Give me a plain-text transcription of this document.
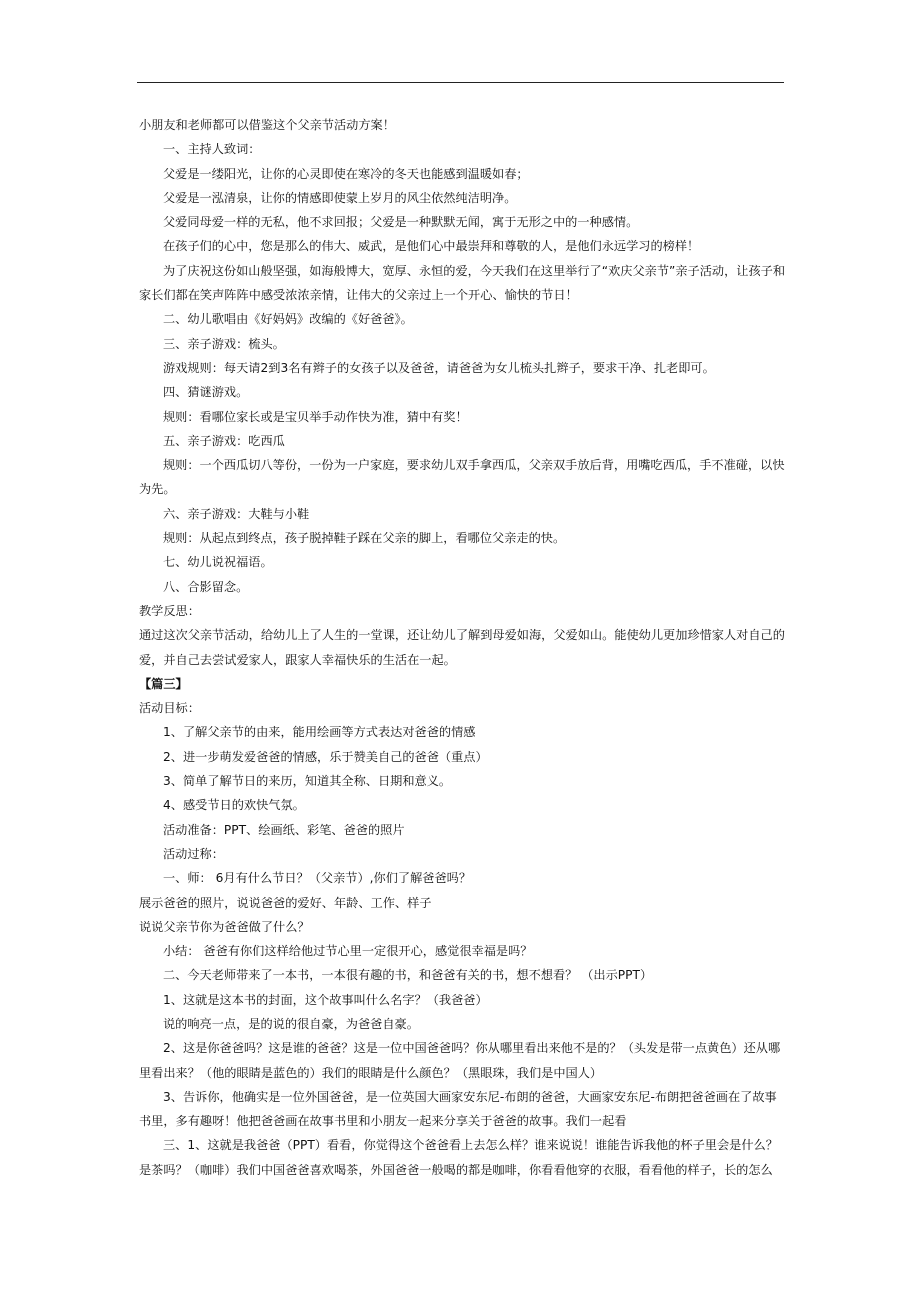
小朋友和老师都可以借鉴这个父亲节活动方案！

一、主持人致词：

父爱是一缕阳光，让你的心灵即使在寒冷的冬天也能感到温暖如春；

父爱是一泓清泉，让你的情感即使蒙上岁月的风尘依然纯洁明净。

父爱同母爱一样的无私，他不求回报；父爱是一种默默无闻，寓于无形之中的一种感情。

在孩子们的心中，您是那么的伟大、威武，是他们心中最崇拜和尊敬的人，是他们永远学习的榜样！

为了庆祝这份如山般坚强，如海般博大，宽厚、永恒的爱，今天我们在这里举行了“欢庆父亲节”亲子活动，让孩子和家长们都在笑声阵阵中感受浓浓亲情，让伟大的父亲过上一个开心、愉快的节日！

二、幼儿歌唱由《好妈妈》改编的《好爸爸》。

三、亲子游戏：梳头。

游戏规则：每天请2到3名有辫子的女孩子以及爸爸，请爸爸为女儿梳头扎辫子，要求干净、扎老即可。

四、猜谜游戏。

规则：看哪位家长或是宝贝举手动作快为准，猜中有奖！

五、亲子游戏：吃西瓜

规则：一个西瓜切八等份，一份为一户家庭，要求幼儿双手拿西瓜，父亲双手放后背，用嘴吃西瓜，手不准碰，以快为先。

六、亲子游戏：大鞋与小鞋

规则：从起点到终点，孩子脱掉鞋子踩在父亲的脚上，看哪位父亲走的快。

七、幼儿说祝福语。

八、合影留念。

教学反思：

通过这次父亲节活动，给幼儿上了人生的一堂课，还让幼儿了解到母爱如海，父爱如山。能使幼儿更加珍惜家人对自己的爱，并自己去尝试爱家人，跟家人幸福快乐的生活在一起。

【篇三】

活动目标：

1、了解父亲节的由来，能用绘画等方式表达对爸爸的情感

2、进一步萌发爱爸爸的情感，乐于赞美自己的爸爸（重点）

3、简单了解节日的来历，知道其全称、日期和意义。

4、感受节日的欢快气氛。

活动准备：PPT、绘画纸、彩笔、爸爸的照片

活动过称：

一、师： 6月有什么节日？（父亲节）,你们了解爸爸吗？

展示爸爸的照片，说说爸爸的爱好、年龄、工作、样子

说说父亲节你为爸爸做了什么？

小结： 爸爸有你们这样给他过节心里一定很开心，感觉很幸福是吗？

二、今天老师带来了一本书，一本很有趣的书，和爸爸有关的书，想不想看？ （出示PPT）

1、这就是这本书的封面，这个故事叫什么名字？（我爸爸）

说的响亮一点，是的说的很自豪，为爸爸自豪。

2、这是你爸爸吗？这是谁的爸爸？这是一位中国爸爸吗？你从哪里看出来他不是的？（头发是带一点黄色）还从哪里看出来？（他的眼睛是蓝色的）我们的眼睛是什么颜色？（黑眼珠，我们是中国人）

3、告诉你，他确实是一位外国爸爸，是一位英国大画家安东尼-布朗的爸爸，大画家安东尼-布朗把爸爸画在了故事书里，多有趣呀！他把爸爸画在故事书里和小朋友一起来分享关于爸爸的故事。我们一起看

三、1、这就是我爸爸（PPT）看看，你觉得这个爸爸看上去怎么样？谁来说说！谁能告诉我他的杯子里会是什么？是茶吗？（咖啡）我们中国爸爸喜欢喝茶，外国爸爸一般喝的都是咖啡，你看看他穿的衣服，看看他的样子，长的怎么
